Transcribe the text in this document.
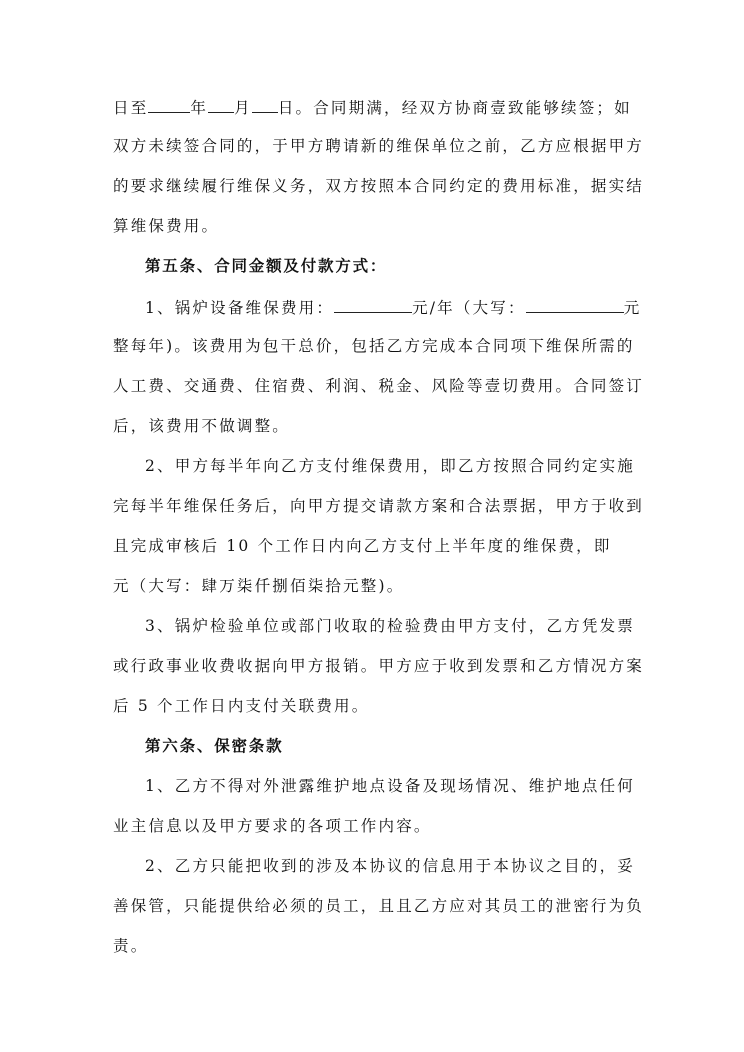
日至	年 月 日。合同期满，经双方协商壹致能够续签；如
双方未续签合同的，于甲方聘请新的维保单位之前，乙方应根据甲方
的要求继续履行维保义务，双方按照本合同约定的费用标准，据实结
算维保费用。
第五条、合同金额及付款方式：
1、锅炉设备维保费用：	元/年（大写：	元
整每年)。该费用为包干总价，包括乙方完成本合同项下维保所需的
人工费、交通费、住宿费、利润、税金、风险等壹切费用。合同签订
后，该费用不做调整。
2、甲方每半年向乙方支付维保费用，即乙方按照合同约定实施
完每半年维保任务后，向甲方提交请款方案和合法票据，甲方于收到
且完成审核后 10 个工作日内向乙方支付上半年度的维保费，即
元（大写：肆万柒仟捌佰柒拾元整)。
3、锅炉检验单位或部门收取的检验费由甲方支付，乙方凭发票
或行政事业收费收据向甲方报销。甲方应于收到发票和乙方情况方案
后 5 个工作日内支付关联费用。
第六条、保密条款
1、乙方不得对外泄露维护地点设备及现场情况、维护地点任何
业主信息以及甲方要求的各项工作内容。
2、乙方只能把收到的涉及本协议的信息用于本协议之目的，妥
善保管，只能提供给必须的员工，且且乙方应对其员工的泄密行为负
责。
